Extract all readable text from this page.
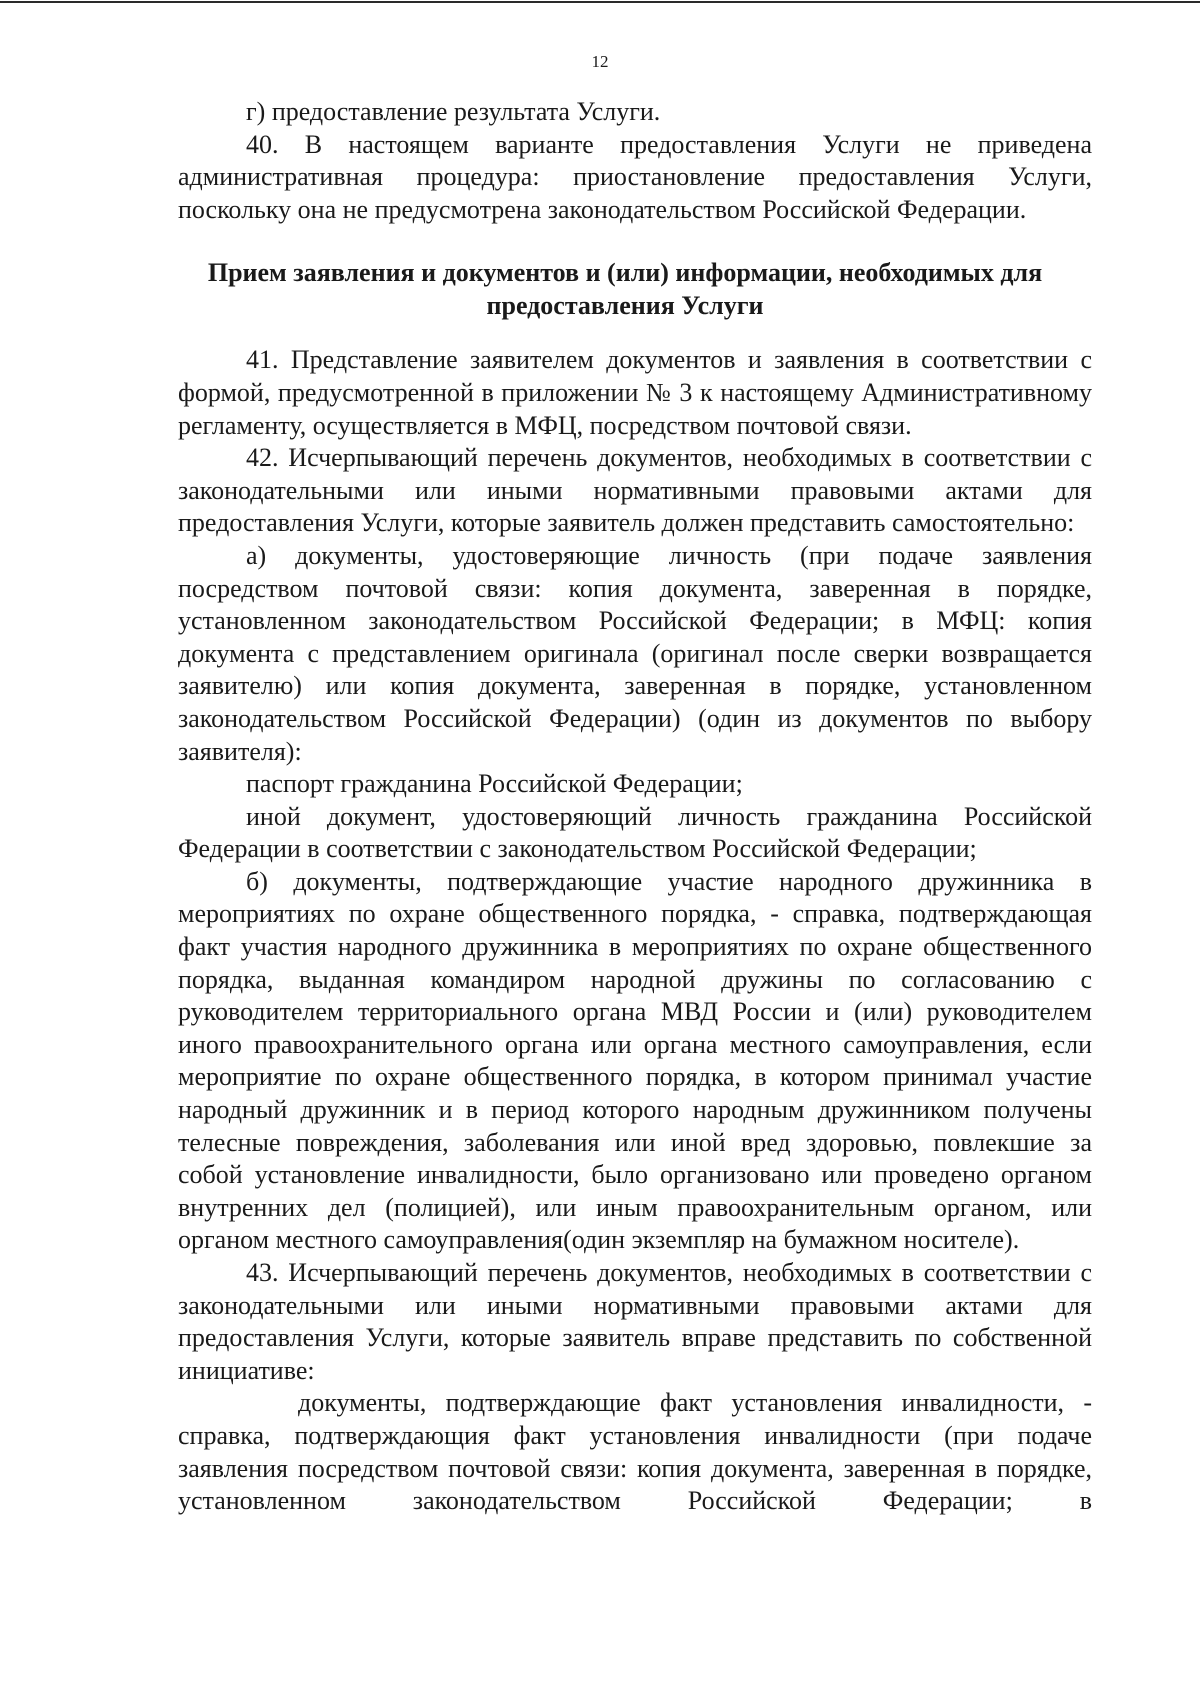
12

г) предоставление результата Услуги.

40. В настоящем варианте предоставления Услуги не приведена административная процедура: приостановление предоставления Услуги, поскольку она не предусмотрена законодательством Российской Федерации.

Прием заявления и документов и (или) информации, необходимых для предоставления Услуги

41. Представление заявителем документов и заявления в соответствии с формой, предусмотренной в приложении № 3 к настоящему Административному регламенту, осуществляется в МФЦ, посредством почтовой связи.

42. Исчерпывающий перечень документов, необходимых в соответствии с законодательными или иными нормативными правовыми актами для предоставления Услуги, которые заявитель должен представить самостоятельно:

а) документы, удостоверяющие личность (при подаче заявления посредством почтовой связи: копия документа, заверенная в порядке, установленном законодательством Российской Федерации; в МФЦ: копия документа с представлением оригинала (оригинал после сверки возвращается заявителю) или копия документа, заверенная в порядке, установленном законодательством Российской Федерации) (один из документов по выбору заявителя):

паспорт гражданина Российской Федерации;

иной документ, удостоверяющий личность гражданина Российской Федерации в соответствии с законодательством Российской Федерации;

б) документы, подтверждающие участие народного дружинника в мероприятиях по охране общественного порядка, - справка, подтверждающая факт участия народного дружинника в мероприятиях по охране общественного порядка, выданная командиром народной дружины по согласованию с руководителем территориального органа МВД России и (или) руководителем иного правоохранительного органа или органа местного самоуправления, если мероприятие по охране общественного порядка, в котором принимал участие народный дружинник и в период которого народным дружинником получены телесные повреждения, заболевания или иной вред здоровью, повлекшие за собой установление инвалидности, было организовано или проведено органом внутренних дел (полицией), или иным правоохранительным органом, или органом местного самоуправления(один экземпляр на бумажном носителе).

43. Исчерпывающий перечень документов, необходимых в соответствии с законодательными или иными нормативными правовыми актами для предоставления Услуги, которые заявитель вправе представить по собственной инициативе:

документы, подтверждающие факт установления инвалидности, - справка, подтверждающия факт установления инвалидности (при подаче заявления посредством почтовой связи: копия документа, заверенная в порядке, установленном законодательством Российской Федерации; в
